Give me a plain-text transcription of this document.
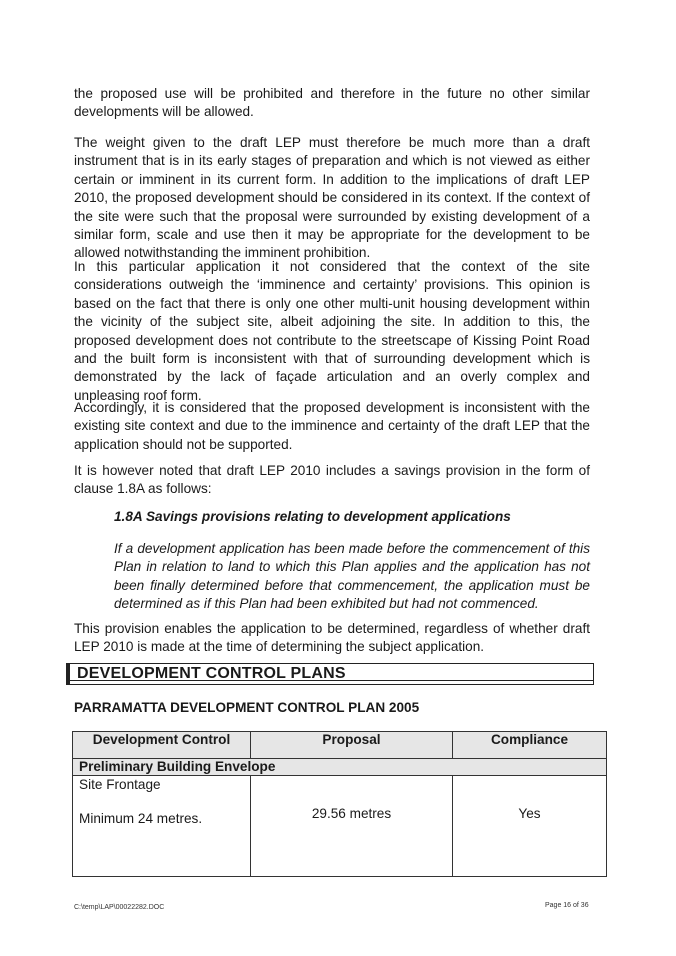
the proposed use will be prohibited and therefore in the future no other similar developments will be allowed.

The weight given to the draft LEP must therefore be much more than a draft instrument that is in its early stages of preparation and which is not viewed as either certain or imminent in its current form. In addition to the implications of draft LEP 2010, the proposed development should be considered in its context. If the context of the site were such that the proposal were surrounded by existing development of a similar form, scale and use then it may be appropriate for the development to be allowed notwithstanding the imminent prohibition.

In this particular application it not considered that the context of the site considerations outweigh the ‘imminence and certainty’ provisions. This opinion is based on the fact that there is only one other multi-unit housing development within the vicinity of the subject site, albeit adjoining the site. In addition to this, the proposed development does not contribute to the streetscape of Kissing Point Road and the built form is inconsistent with that of surrounding development which is demonstrated by the lack of façade articulation and an overly complex and unpleasing roof form.

Accordingly, it is considered that the proposed development is inconsistent with the existing site context and due to the imminence and certainty of the draft LEP that the application should not be supported.

It is however noted that draft LEP 2010 includes a savings provision in the form of clause 1.8A as follows:

1.8A Savings provisions relating to development applications

If a development application has been made before the commencement of this Plan in relation to land to which this Plan applies and the application has not been finally determined before that commencement, the application must be determined as if this Plan had been exhibited but had not commenced.

This provision enables the application to be determined, regardless of whether draft LEP 2010 is made at the time of determining the subject application.

DEVELOPMENT CONTROL PLANS

PARRAMATTA DEVELOPMENT CONTROL PLAN 2005

Development Control	Proposal	Compliance
Preliminary Building Envelope		

Site Frontage
Minimum 24 metres.	29.56 metres	Yes
C:\temp\LAP\00022282.DOC	Page 16 of 36
